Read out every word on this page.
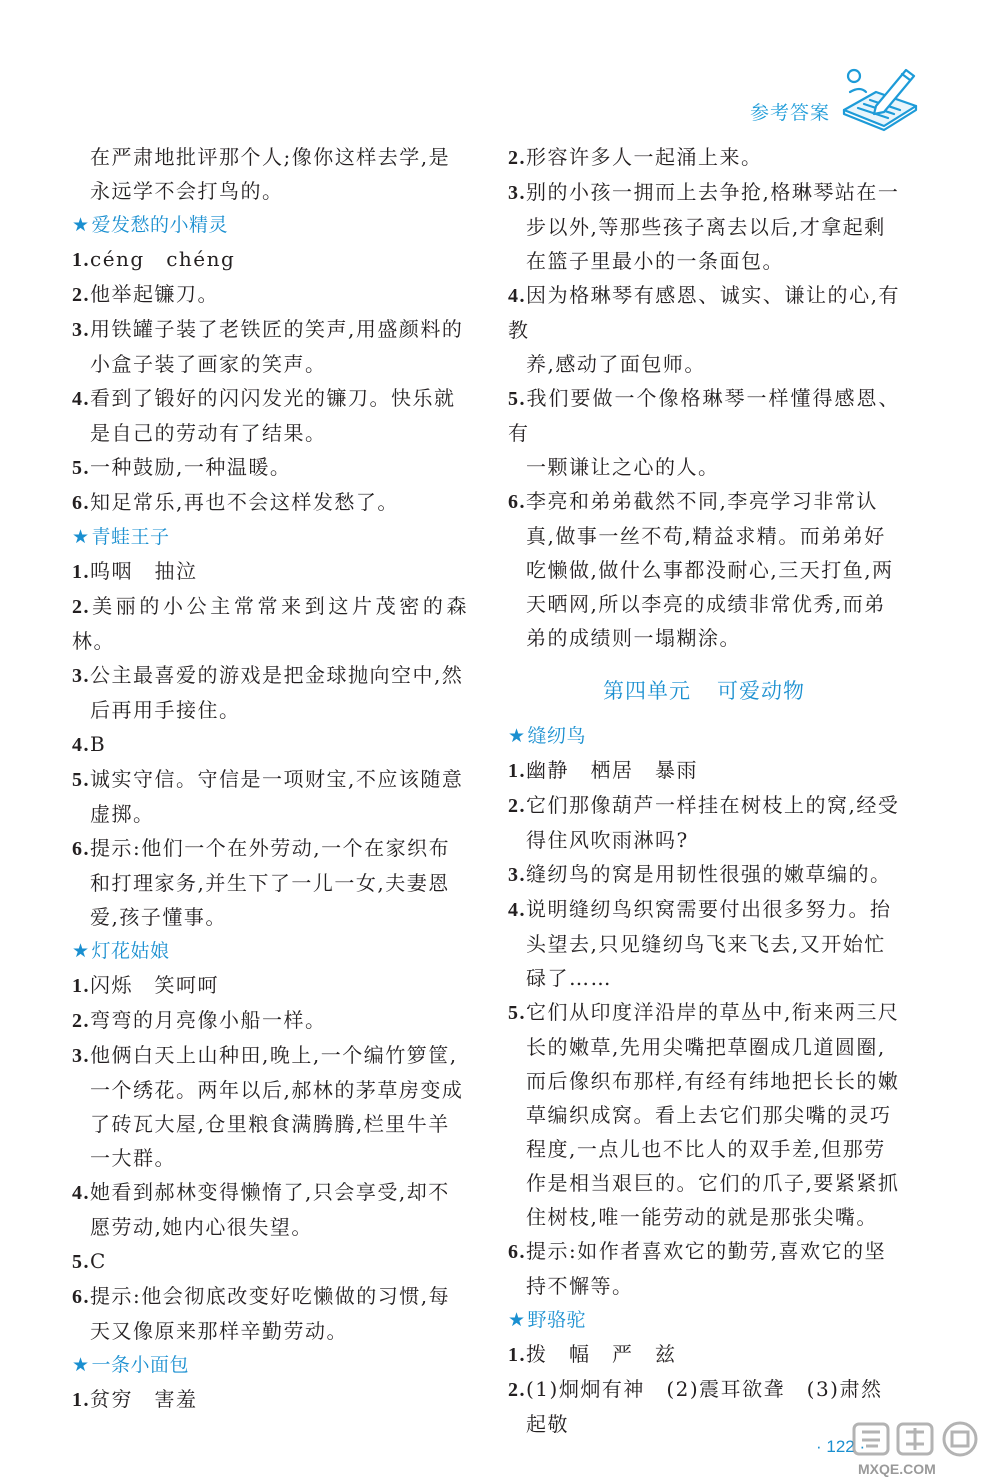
参考答案

在严肃地批评那个人;像你这样去学,是

永远学不会打鸟的。

★ 爱发愁的小精灵

1.céng　chéng

2.他举起镰刀。

3.用铁罐子装了老铁匠的笑声,用盛颜料的

小盒子装了画家的笑声。

4.看到了锻好的闪闪发光的镰刀。快乐就

是自己的劳动有了结果。

5.一种鼓励,一种温暖。

6.知足常乐,再也不会这样发愁了。

★ 青蛙王子

1.呜咽　抽泣

2.美丽的小公主常常来到这片茂密的森林。

3.公主最喜爱的游戏是把金球抛向空中,然

后再用手接住。

4.B

5.诚实守信。守信是一项财宝,不应该随意

虚掷。

6.提示:他们一个在外劳动,一个在家织布

和打理家务,并生下了一儿一女,夫妻恩

爱,孩子懂事。

★ 灯花姑娘

1.闪烁　笑呵呵

2.弯弯的月亮像小船一样。

3.他俩白天上山种田,晚上,一个编竹箩筐,

一个绣花。两年以后,郝林的茅草房变成

了砖瓦大屋,仓里粮食满腾腾,栏里牛羊

一大群。

4.她看到郝林变得懒惰了,只会享受,却不

愿劳动,她内心很失望。

5.C

6.提示:他会彻底改变好吃懒做的习惯,每

天又像原来那样辛勤劳动。

★ 一条小面包

1.贫穷　害羞

2.形容许多人一起涌上来。

3.别的小孩一拥而上去争抢,格琳琴站在一

步以外,等那些孩子离去以后,才拿起剩

在篮子里最小的一条面包。

4.因为格琳琴有感恩、诚实、谦让的心,有教

养,感动了面包师。

5.我们要做一个像格琳琴一样懂得感恩、有

一颗谦让之心的人。

6.李亮和弟弟截然不同,李亮学习非常认

真,做事一丝不苟,精益求精。而弟弟好

吃懒做,做什么事都没耐心,三天打鱼,两

天晒网,所以李亮的成绩非常优秀,而弟

弟的成绩则一塌糊涂。

第四单元 可爱动物

★ 缝纫鸟

1.幽静　栖居　暴雨

2.它们那像葫芦一样挂在树枝上的窝,经受

得住风吹雨淋吗?

3.缝纫鸟的窝是用韧性很强的嫩草编的。

4.说明缝纫鸟织窝需要付出很多努力。抬

头望去,只见缝纫鸟飞来飞去,又开始忙

碌了……

5.它们从印度洋沿岸的草丛中,衔来两三尺

长的嫩草,先用尖嘴把草圈成几道圆圈,

而后像织布那样,有经有纬地把长长的嫩

草编织成窝。看上去它们那尖嘴的灵巧

程度,一点儿也不比人的双手差,但那劳

作是相当艰巨的。它们的爪子,要紧紧抓

住树枝,唯一能劳动的就是那张尖嘴。

6.提示:如作者喜欢它的勤劳,喜欢它的坚

持不懈等。

★ 野骆驼

1.拨　幅　严　兹

2.(1)炯炯有神　(2)震耳欲聋　(3)肃然

起敬

· 122 ·
MXQE.COM
